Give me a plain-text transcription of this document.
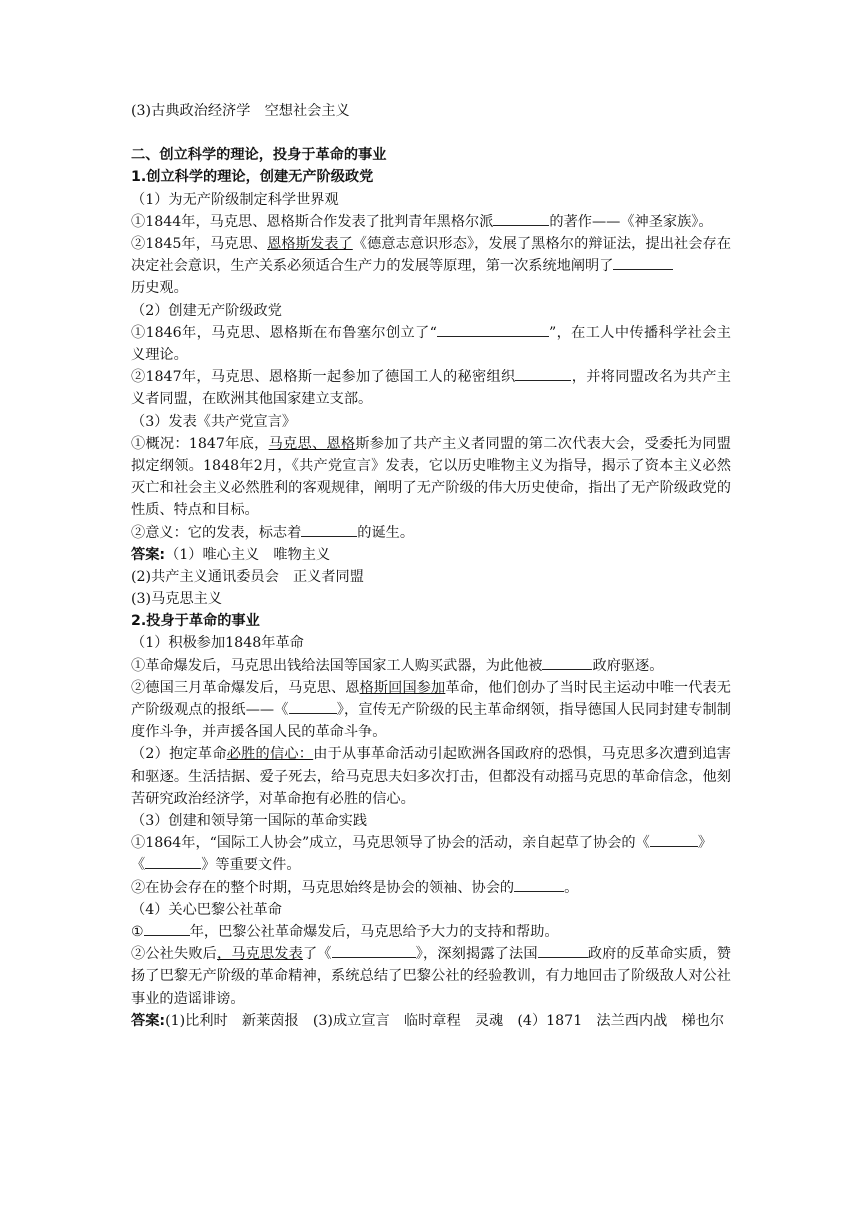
(3)古典政治经济学　空想社会主义
二、创立科学的理论，投身于革命的事业
1.创立科学的理论，创建无产阶级政党
（1）为无产阶级制定科学世界观
①1844年，马克思、恩格斯合作发表了批判青年黑格尔派	的著作——《神圣家族》。
②1845年，马克思、恩格斯发表了《德意志意识形态》，发展了黑格尔的辩证法，提出社会存在决定社会意识，生产关系必须适合生产力的发展等原理，第一次系统地阐明了
历史观。
（2）创建无产阶级政党
①1846年，马克思、恩格斯在布鲁塞尔创立了“	”，在工人中传播科学社会主义理论。
②1847年，马克思、恩格斯一起参加了德国工人的秘密组织	，并将同盟改名为共产主义者同盟，在欧洲其他国家建立支部。
（3）发表《共产党宣言》
①概况：1847年底，马克思、恩格斯参加了共产主义者同盟的第二次代表大会，受委托为同盟拟定纲领。1848年2月，《共产党宣言》发表，它以历史唯物主义为指导，揭示了资本主义必然灭亡和社会主义必然胜利的客观规律，阐明了无产阶级的伟大历史使命，指出了无产阶级政党的性质、特点和目标。
②意义：它的发表，标志着	的诞生。
答案:（1）唯心主义　唯物主义
(2)共产主义通讯委员会　正义者同盟
(3)马克思主义
2.投身于革命的事业
（1）积极参加1848年革命
①革命爆发后，马克思出钱给法国等国家工人购买武器，为此他被	政府驱逐。
②德国三月革命爆发后，马克思、恩格斯回国参加革命，他们创办了当时民主运动中唯一代表无产阶级观点的报纸——《	》，宣传无产阶级的民主革命纲领，指导德国人民同封建专制制度作斗争，并声援各国人民的革命斗争。
（2）抱定革命必胜的信心：由于从事革命活动引起欧洲各国政府的恐惧，马克思多次遭到追害和驱逐。生活拮据、爱子死去，给马克思夫妇多次打击，但都没有动摇马克思的革命信念，他刻苦研究政治经济学，对革命抱有必胜的信心。
（3）创建和领导第一国际的革命实践
①1864年，“国际工人协会”成立，马克思领导了协会的活动，亲自起草了协会的《	》
《	》等重要文件。
②在协会存在的整个时期，马克思始终是协会的领袖、协会的	。
（4）关心巴黎公社革命
①	年，巴黎公社革命爆发后，马克思给予大力的支持和帮助。
②公社失败后，马克思发表了《	》，深刻揭露了法国	政府的反革命实质，赞扬了巴黎无产阶级的革命精神，系统总结了巴黎公社的经验教训，有力地回击了阶级敌人对公社事业的造谣诽谤。
答案:(1)比利时　新莱茵报　(3)成立宣言　临时章程　灵魂　(4）1871　法兰西内战　梯也尔
